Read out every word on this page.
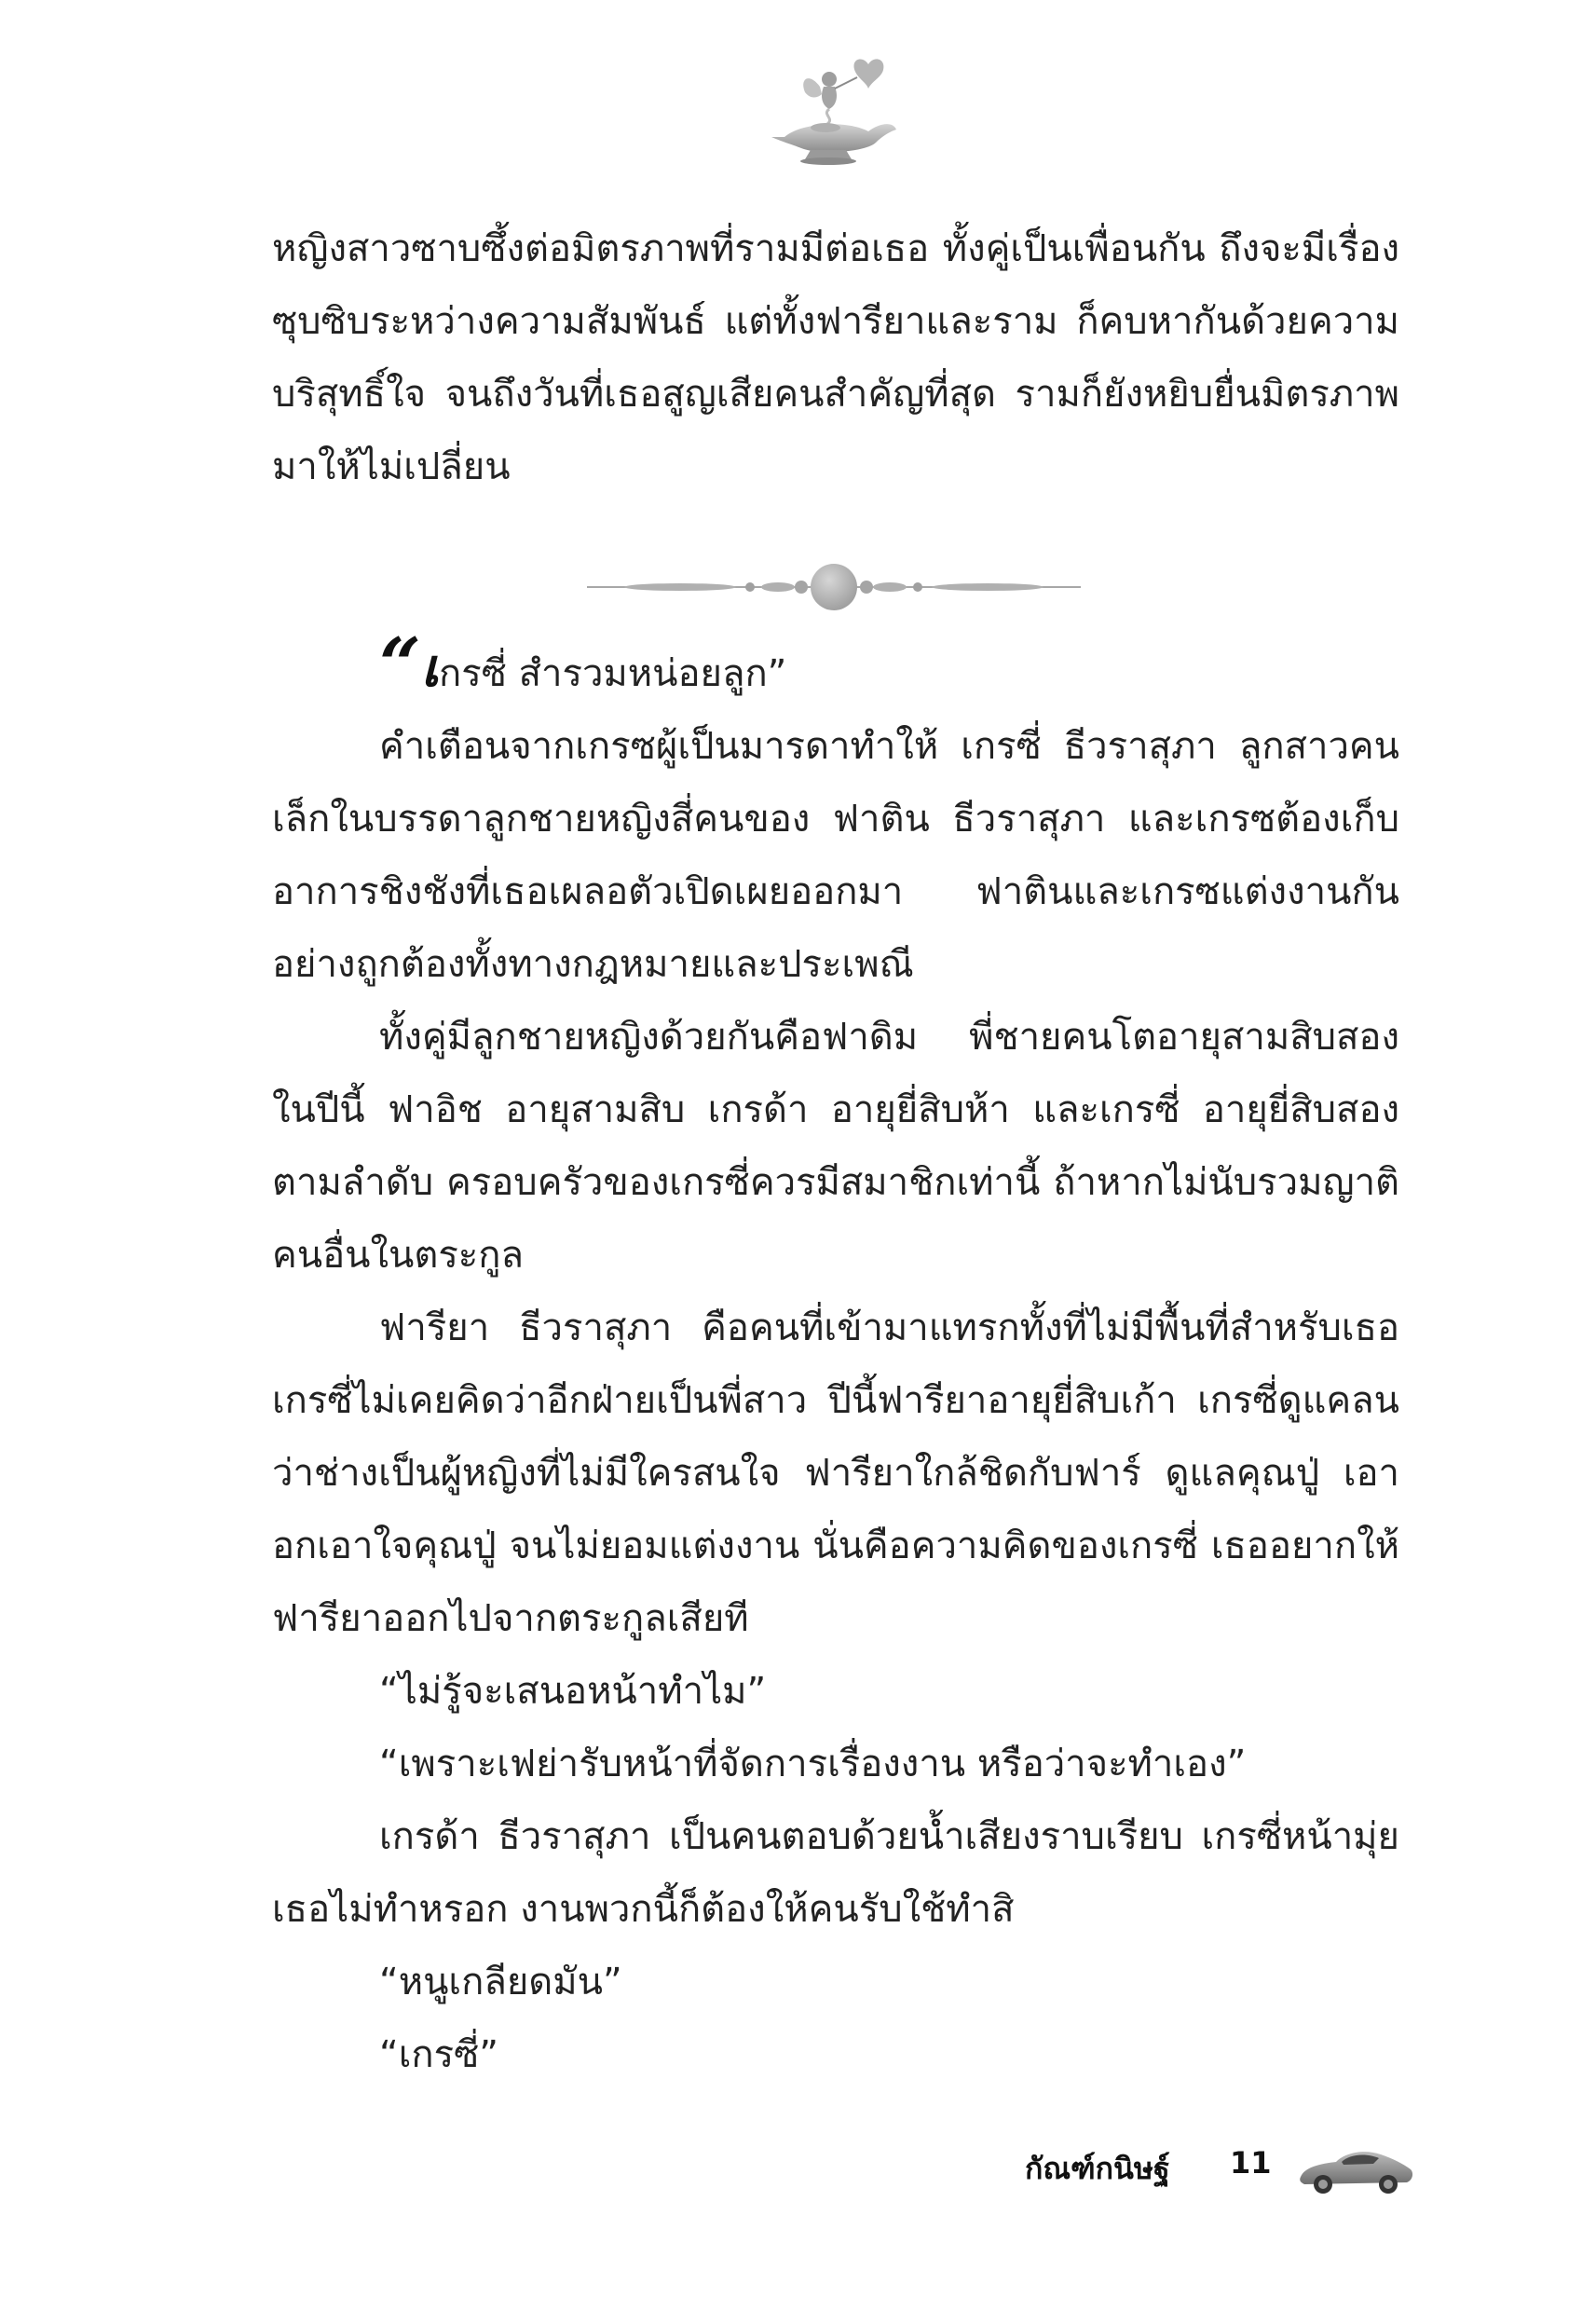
หญิงสาวซาบซึ้งต่อมิตรภาพที่รามมีต่อเธอ ทั้งคู่เป็นเพื่อนกัน ถึงจะมีเรื่องซุบซิบระหว่างความสัมพันธ์ แต่ทั้งฟารียาและราม ก็คบหากันด้วยความบริสุทธิ์ใจ จนถึงวันที่เธอสูญเสียคนสำคัญที่สุด รามก็ยังหยิบยื่นมิตรภาพมาให้ไม่เปลี่ยน

“เกรซี่ สำรวมหน่อยลูก”

คำเตือนจากเกรซผู้เป็นมารดาทำให้ เกรซี่ ธีวราสุภา ลูกสาวคนเล็กในบรรดาลูกชายหญิงสี่คนของ ฟาติน ธีวราสุภา และเกรซต้องเก็บอาการชิงชังที่เธอเผลอตัวเปิดเผยออกมา ฟาตินและเกรซแต่งงานกันอย่างถูกต้องทั้งทางกฎหมายและประเพณี

ทั้งคู่มีลูกชายหญิงด้วยกันคือฟาดิม พี่ชายคนโตอายุสามสิบสองในปีนี้ ฟาอิช อายุสามสิบ เกรด้า อายุยี่สิบห้า และเกรซี่ อายุยี่สิบสองตามลำดับ ครอบครัวของเกรซี่ควรมีสมาชิกเท่านี้ ถ้าหากไม่นับรวมญาติคนอื่นในตระกูล

ฟารียา ธีวราสุภา คือคนที่เข้ามาแทรกทั้งที่ไม่มีพื้นที่สำหรับเธอ เกรซี่ไม่เคยคิดว่าอีกฝ่ายเป็นพี่สาว ปีนี้ฟารียาอายุยี่สิบเก้า เกรซี่ดูแคลนว่าช่างเป็นผู้หญิงที่ไม่มีใครสนใจ ฟารียาใกล้ชิดกับฟาร์ ดูแลคุณปู่ เอาอกเอาใจคุณปู่ จนไม่ยอมแต่งงาน นั่นคือความคิดของเกรซี่ เธออยากให้ฟารียาออกไปจากตระกูลเสียที

“ไม่รู้จะเสนอหน้าทำไม”

“เพราะเฟย่ารับหน้าที่จัดการเรื่องงาน หรือว่าจะทำเอง”

เกรด้า ธีวราสุภา เป็นคนตอบด้วยน้ำเสียงราบเรียบ เกรซี่หน้ามุ่ย เธอไม่ทำหรอก งานพวกนี้ก็ต้องให้คนรับใช้ทำสิ

“หนูเกลียดมัน”

“เกรซี่”

กัณฑ์กนิษฐ์ 11
